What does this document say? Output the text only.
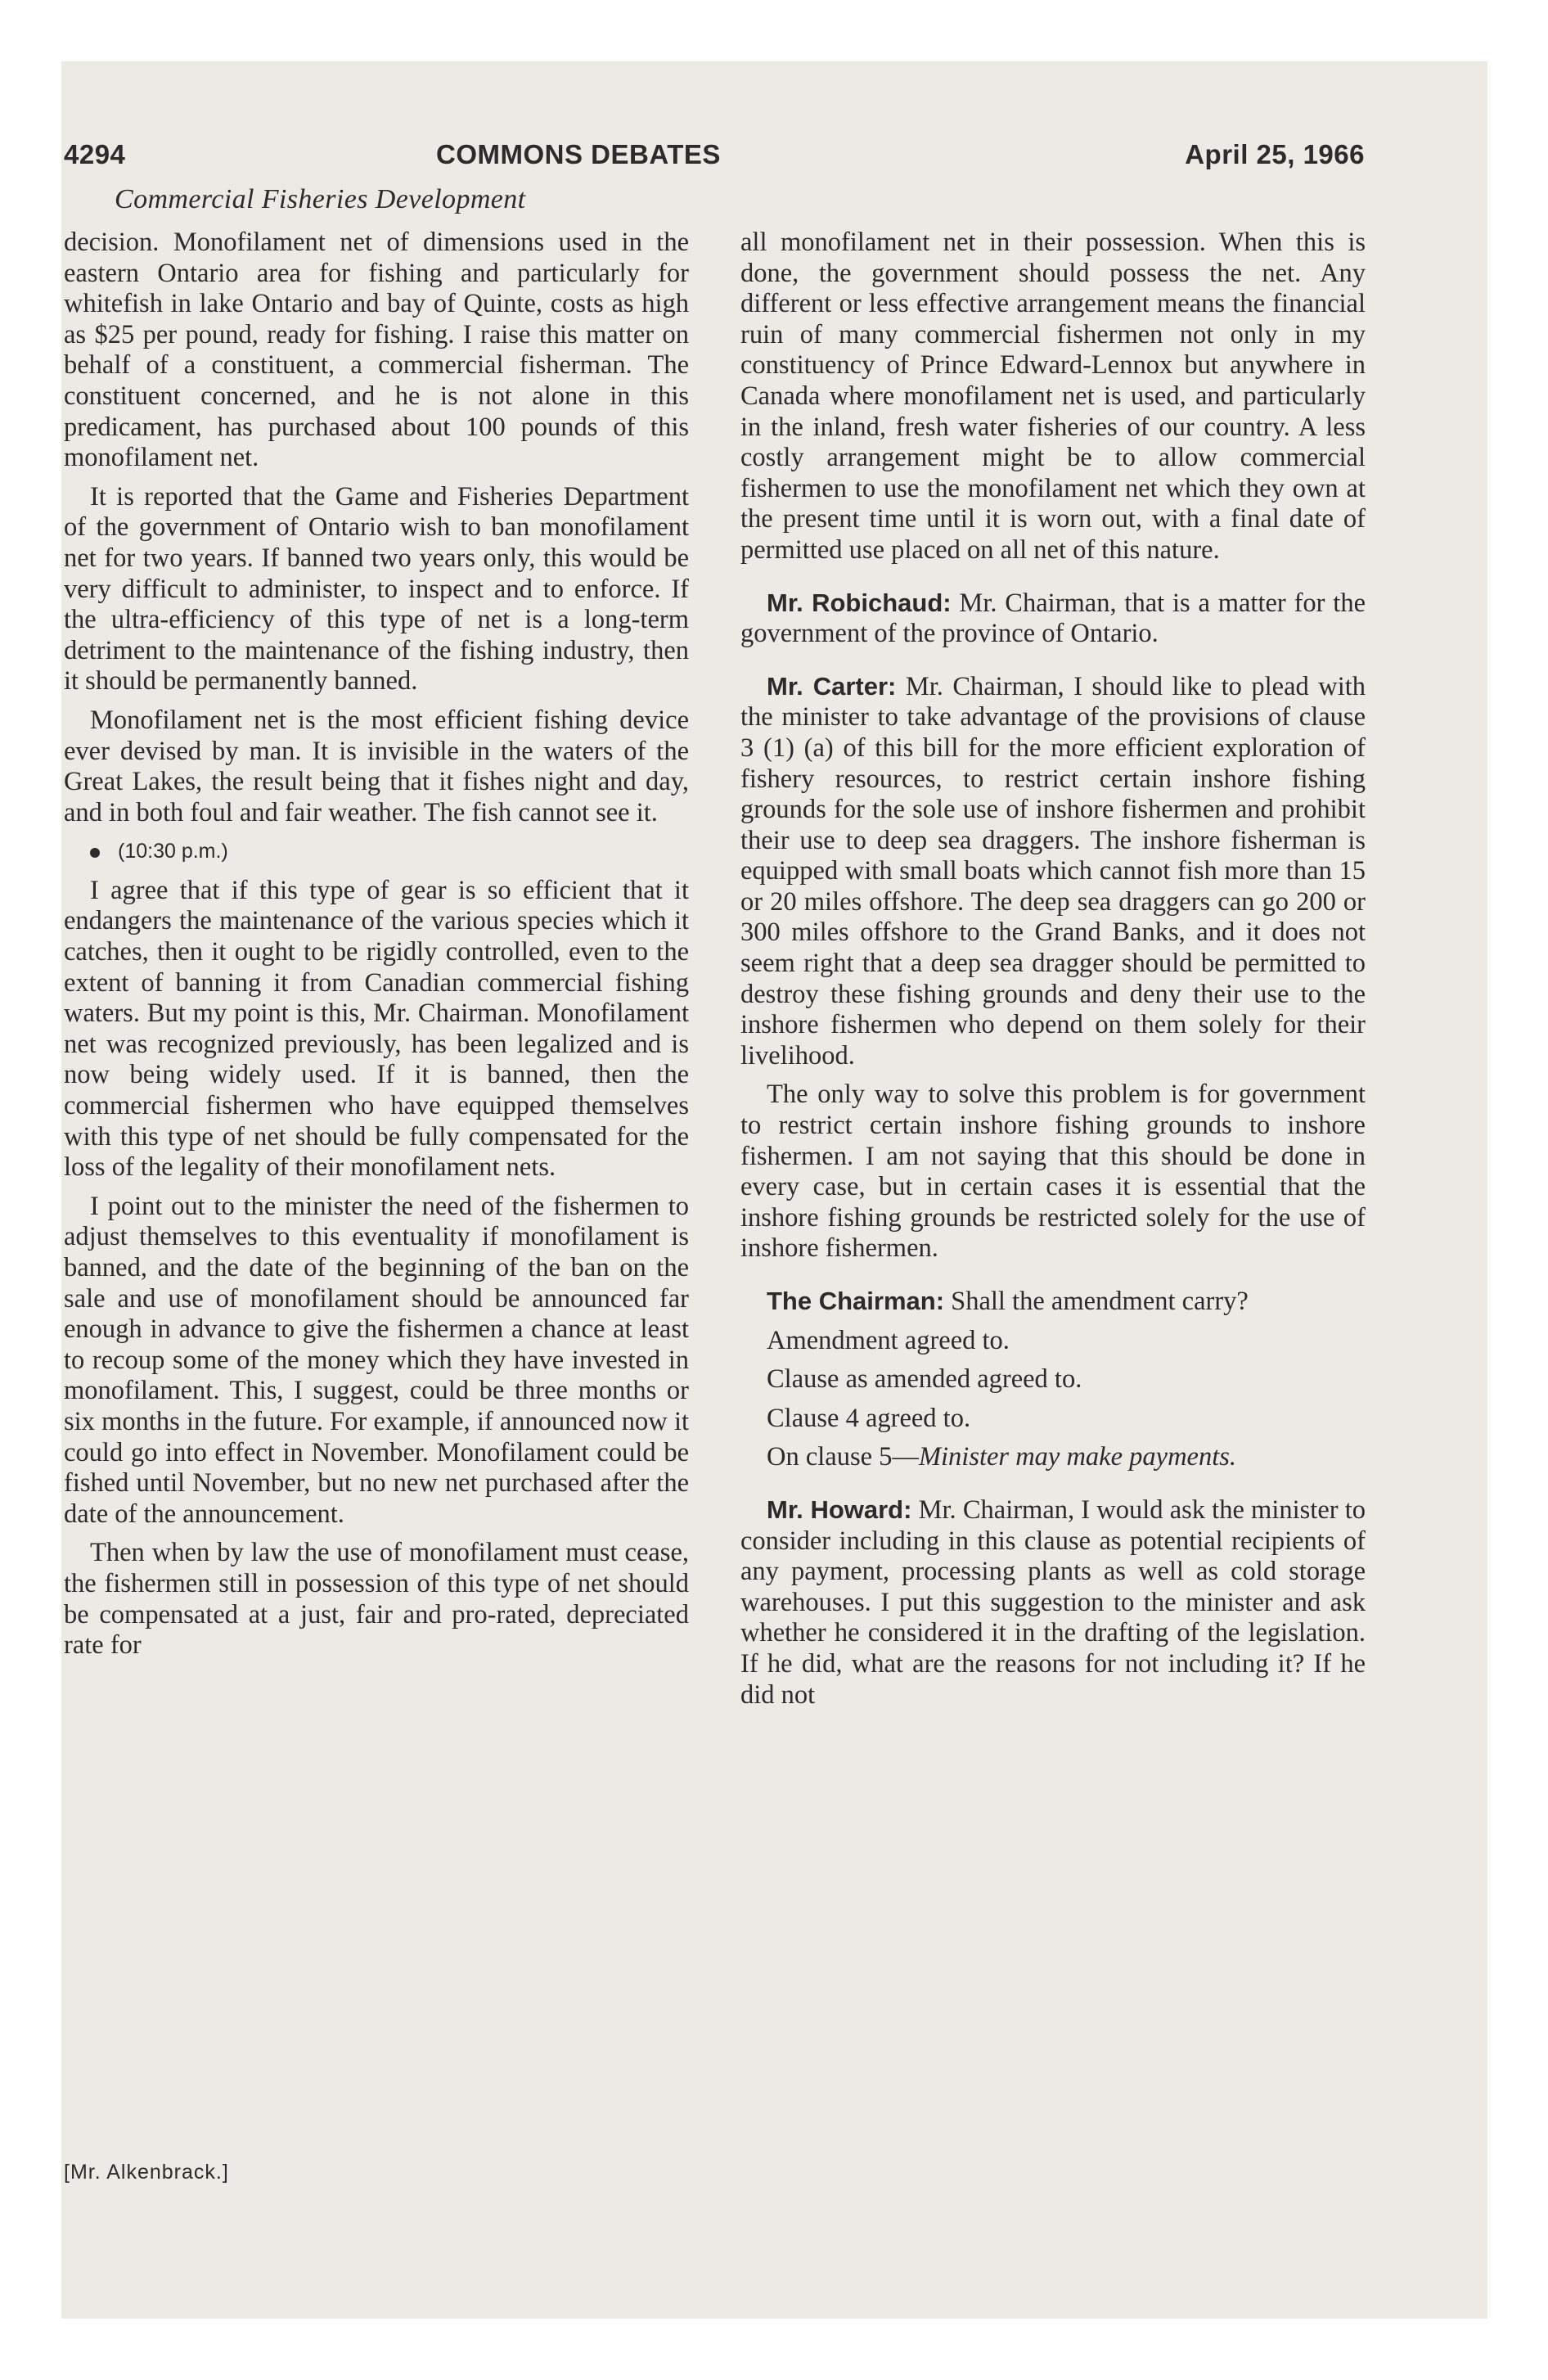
4294	COMMONS DEBATES	April 25, 1966
Commercial Fisheries Development

decision. Monofilament net of dimensions used in the eastern Ontario area for fishing and particularly for whitefish in lake Ontario and bay of Quinte, costs as high as $25 per pound, ready for fishing. I raise this matter on behalf of a constituent, a commercial fisherman. The constituent concerned, and he is not alone in this predicament, has purchased about 100 pounds of this monofilament net.

It is reported that the Game and Fisheries Department of the government of Ontario wish to ban monofilament net for two years. If banned two years only, this would be very difficult to administer, to inspect and to enforce. If the ultra-efficiency of this type of net is a long-term detriment to the maintenance of the fishing industry, then it should be permanently banned.

Monofilament net is the most efficient fishing device ever devised by man. It is invisible in the waters of the Great Lakes, the result being that it fishes night and day, and in both foul and fair weather. The fish cannot see it.

(10:30 p.m.)

I agree that if this type of gear is so efficient that it endangers the maintenance of the various species which it catches, then it ought to be rigidly controlled, even to the extent of banning it from Canadian commercial fishing waters. But my point is this, Mr. Chairman. Monofilament net was recognized previously, has been legalized and is now being widely used. If it is banned, then the commercial fishermen who have equipped themselves with this type of net should be fully compensated for the loss of the legality of their monofilament nets.

I point out to the minister the need of the fishermen to adjust themselves to this eventuality if monofilament is banned, and the date of the beginning of the ban on the sale and use of monofilament should be announced far enough in advance to give the fishermen a chance at least to recoup some of the money which they have invested in monofilament. This, I suggest, could be three months or six months in the future. For example, if announced now it could go into effect in November. Monofilament could be fished until November, but no new net purchased after the date of the announcement.

Then when by law the use of monofilament must cease, the fishermen still in possession of this type of net should be compensated at a just, fair and pro-rated, depreciated rate for

all monofilament net in their possession. When this is done, the government should possess the net. Any different or less effective arrangement means the financial ruin of many commercial fishermen not only in my constituency of Prince Edward-Lennox but anywhere in Canada where monofilament net is used, and particularly in the inland, fresh water fisheries of our country. A less costly arrangement might be to allow commercial fishermen to use the monofilament net which they own at the present time until it is worn out, with a final date of permitted use placed on all net of this nature.

Mr. Robichaud: Mr. Chairman, that is a matter for the government of the province of Ontario.

Mr. Carter: Mr. Chairman, I should like to plead with the minister to take advantage of the provisions of clause 3 (1) (a) of this bill for the more efficient exploration of fishery resources, to restrict certain inshore fishing grounds for the sole use of inshore fishermen and prohibit their use to deep sea draggers. The inshore fisherman is equipped with small boats which cannot fish more than 15 or 20 miles offshore. The deep sea draggers can go 200 or 300 miles offshore to the Grand Banks, and it does not seem right that a deep sea dragger should be permitted to destroy these fishing grounds and deny their use to the inshore fishermen who depend on them solely for their livelihood.

The only way to solve this problem is for government to restrict certain inshore fishing grounds to inshore fishermen. I am not saying that this should be done in every case, but in certain cases it is essential that the inshore fishing grounds be restricted solely for the use of inshore fishermen.

The Chairman: Shall the amendment carry?

Amendment agreed to.

Clause as amended agreed to.

Clause 4 agreed to.

On clause 5—Minister may make payments.

Mr. Howard: Mr. Chairman, I would ask the minister to consider including in this clause as potential recipients of any payment, processing plants as well as cold storage warehouses. I put this suggestion to the minister and ask whether he considered it in the drafting of the legislation. If he did, what are the reasons for not including it? If he did not

[Mr. Alkenbrack.]
